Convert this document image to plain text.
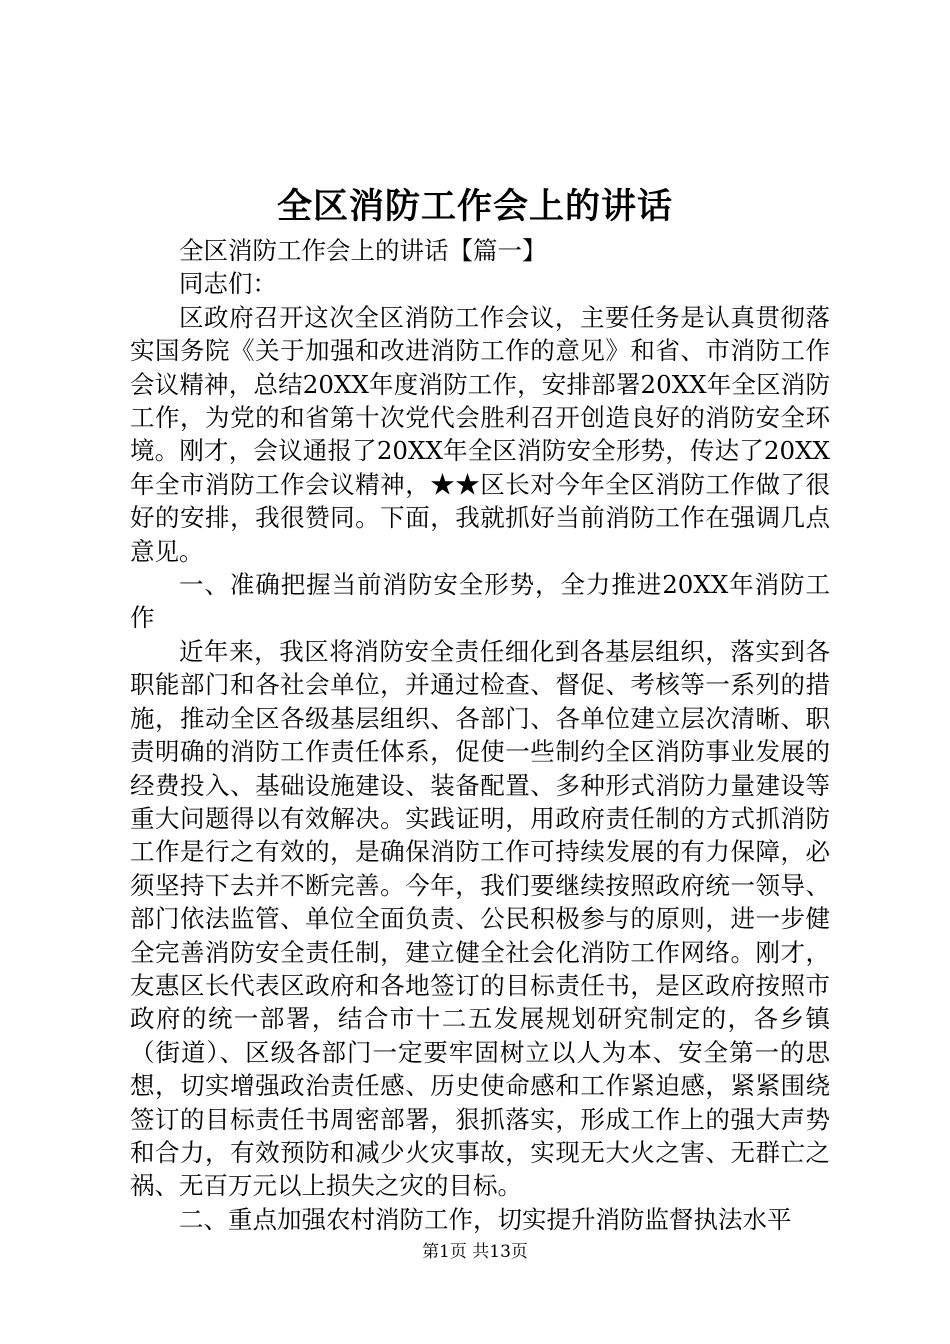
全区消防工作会上的讲话

全区消防工作会上的讲话【篇一】

同志们：

区政府召开这次全区消防工作会议，主要任务是认真贯彻落实国务院《关于加强和改进消防工作的意见》和省、市消防工作会议精神，总结20XX年度消防工作，安排部署20XX年全区消防工作，为党的和省第十次党代会胜利召开创造良好的消防安全环境。刚才，会议通报了20XX年全区消防安全形势，传达了20XX年全市消防工作会议精神，★★区长对今年全区消防工作做了很好的安排，我很赞同。下面，我就抓好当前消防工作在强调几点意见。

一、准确把握当前消防安全形势，全力推进20XX年消防工作

近年来，我区将消防安全责任细化到各基层组织，落实到各职能部门和各社会单位，并通过检查、督促、考核等一系列的措施，推动全区各级基层组织、各部门、各单位建立层次清晰、职责明确的消防工作责任体系，促使一些制约全区消防事业发展的经费投入、基础设施建设、装备配置、多种形式消防力量建设等重大问题得以有效解决。实践证明，用政府责任制的方式抓消防工作是行之有效的，是确保消防工作可持续发展的有力保障，必须坚持下去并不断完善。今年，我们要继续按照政府统一领导、部门依法监管、单位全面负责、公民积极参与的原则，进一步健全完善消防安全责任制，建立健全社会化消防工作网络。刚才，友惠区长代表区政府和各地签订的目标责任书，是区政府按照市政府的统一部署，结合市十二五发展规划研究制定的，各乡镇（街道）、区级各部门一定要牢固树立以人为本、安全第一的思想，切实增强政治责任感、历史使命感和工作紧迫感，紧紧围绕签订的目标责任书周密部署，狠抓落实，形成工作上的强大声势和合力，有效预防和减少火灾事故，实现无大火之害、无群亡之祸、无百万元以上损失之灾的目标。

二、重点加强农村消防工作，切实提升消防监督执法水平

第1页 共13页
